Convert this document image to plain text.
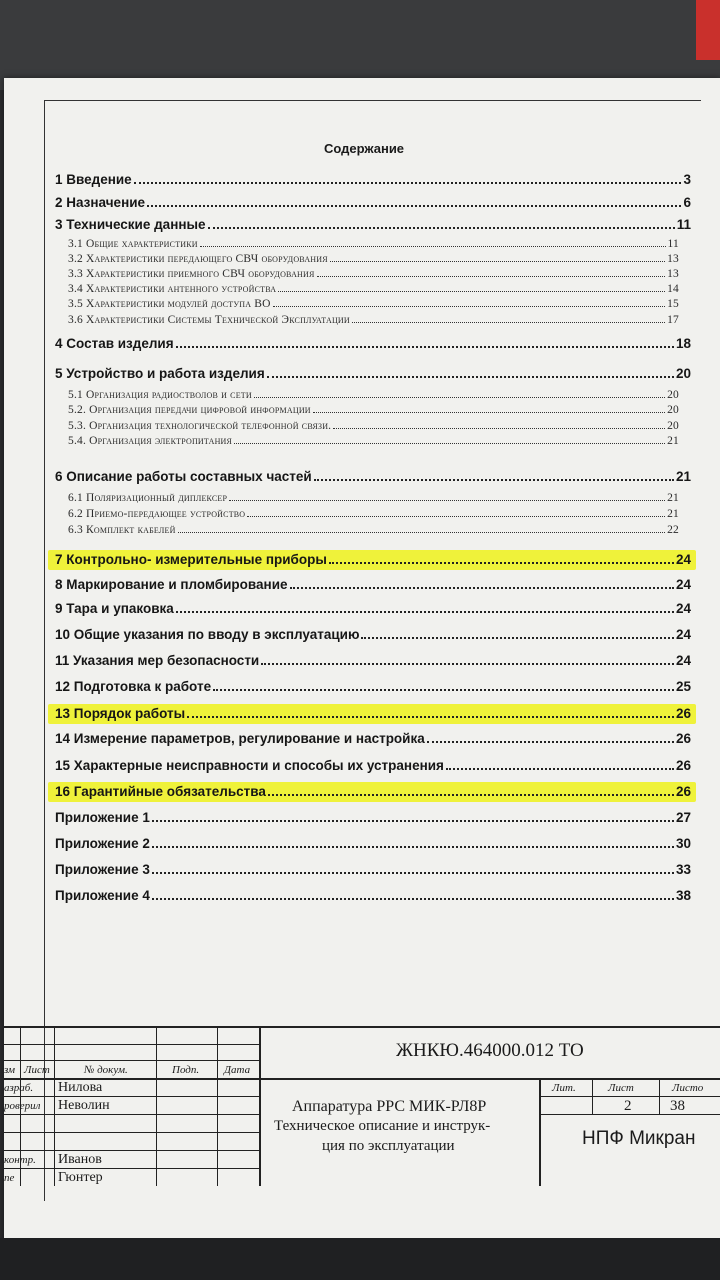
Содержание
1 Введение	3
2 Назначение	6
3 Технические данные	11
3.1 Общие характеристики	11
3.2 Характеристики передающего СВЧ оборудования	13
3.3 Характеристики приемного СВЧ оборудования	13
3.4 Характеристики антенного устройства	14
3.5 Характеристики модулей доступа ВО	15
3.6 Характеристики Системы Технической Эксплуатации	17
4 Состав изделия	18
5 Устройство и работа изделия	20
5.1 Организация радиостволов и сети	20
5.2. Организация передачи цифровой информации	20
5.3. Организация технологической телефонной связи.	20
5.4. Организация электропитания	21
6 Описание работы составных частей	21
6.1 Поляризационный диплексер	21
6.2 Приемо-передающее устройство	21
6.3 Комплект кабелей	22
7 Контрольно- измерительные приборы	24
8 Маркирование и пломбирование	24
9 Тара и упаковка	24
10 Общие указания по вводу в эксплуатацию	24
11 Указания мер безопасности	24
12 Подготовка к работе	25
13 Порядок работы	26
14 Измерение параметров, регулирование и настройка	26
15 Характерные неисправности и способы их устранения	26
16 Гарантийные обязательства	26
Приложение 1	27
Приложение 2	30
Приложение 3	33
Приложение 4	38
ЖНКЮ.464000.012 ТО
зм Лист	№ докум.	Подп. Дата
азраб. Нилова
роверил Неволин
контр. Иванов
пе	Гюнтер
Аппаратура РРС МИК-РЛ8Р
Техническое описание и инструк-
ция по эксплуатации
Лит.	Лист	Листо
2	38
НПФ Микран
